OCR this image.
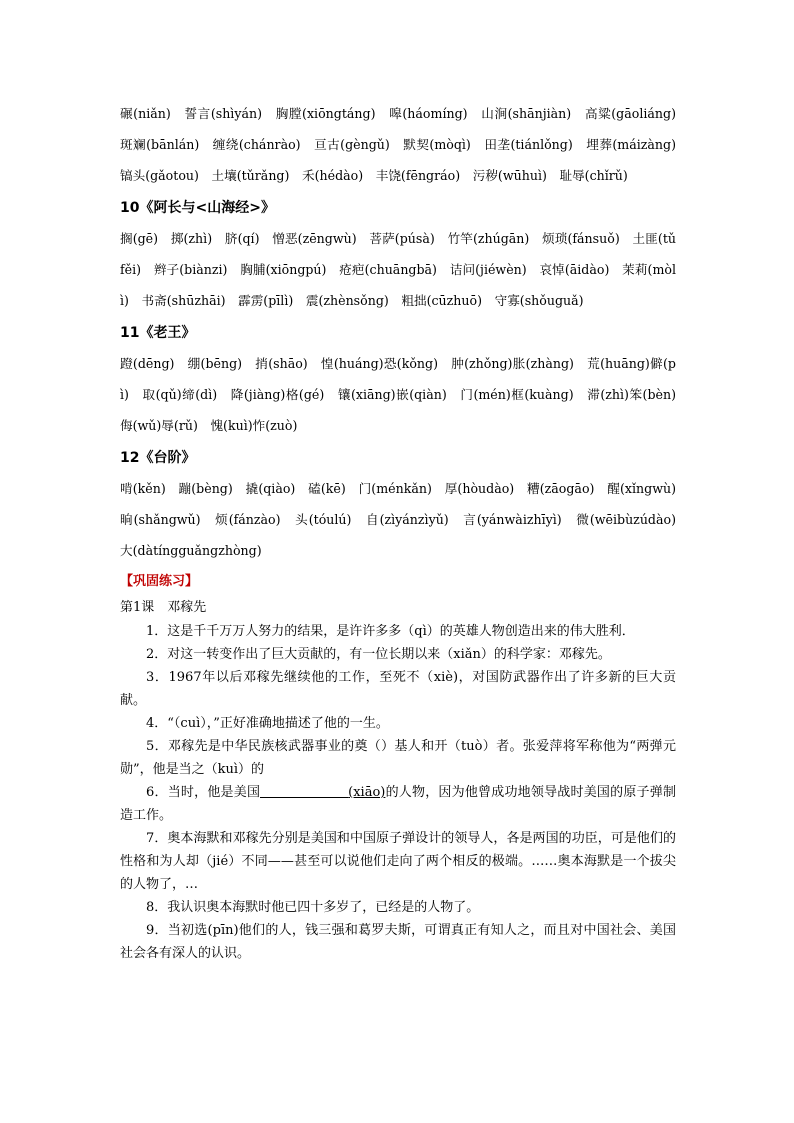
碾(niǎn)　誓言(shìyán)　胸膛(xiōngtáng)　嗥(háomíng)　山涧(shānjiàn)　高粱(gāoliáng)　斑斓(bānlán)　缠绕(chánrào)　亘古(gèngǔ)　默契(mòqì)　田垄(tiánlǒng)　埋葬(máizàng)　镐头(gǎotou)　土壤(tǔrǎng)　禾(hédào)　丰饶(fēngráo)　污秽(wūhuì)　耻辱(chǐrǔ)

10《阿长与<山海经>》

搁(gē)　掷(zhì)　脐(qí)　憎恶(zēngwù)　菩萨(púsà)　竹竿(zhúgān)　烦琐(fánsuǒ)　土匪(tǔfěi)　辫子(biànzi)　胸脯(xiōngpú)　疮疤(chuāngbā)　诘问(jiéwèn)　哀悼(āidào)　茉莉(mòlì)　书斋(shūzhāi)　霹雳(pīlì)　震(zhènsǒng)　粗拙(cūzhuō)　守寡(shǒuguǎ)

11《老王》

蹬(dēng)　绷(bēng)　捎(shāo)　惶(huáng)恐(kǒng)　肿(zhǒng)胀(zhàng)　荒(huāng)僻(pì)　取(qǔ)缔(dì)　降(jiàng)格(gé)　镶(xiāng)嵌(qiàn)　门(mén)框(kuàng)　滞(zhì)笨(bèn)　侮(wǔ)辱(rǔ)　愧(kuì)怍(zuò)

12《台阶》

啃(kěn)　蹦(bèng)　撬(qiào)　磕(kē)　门(ménkǎn)　厚(hòudào)　糟(zāogāo)　醒(xǐngwù)　晌(shǎngwǔ)　烦(fánzào)　头(tóulú)　自(zìyánzìyǔ)　言(yánwàizhīyì)　微(wēibùzúdào)　大(dàtíngguǎngzhòng)

【巩固练习】

第1课　邓稼先

1．这是千千万万人努力的结果，是许许多多（qì）的英雄人物创造出来的伟大胜利．

2．对这一转变作出了巨大贡献的，有一位长期以来（xiǎn）的科学家：邓稼先。

3．1967年以后邓稼先继续他的工作，至死不（xiè)，对国防武器作出了许多新的巨大贡献。

4．“（cuì），”正好准确地描述了他的一生。

5．邓稼先是中华民族核武器事业的奠（）基人和开（tuò）者。张爱萍将军称他为“两弹元勋”，他是当之（kuì）的

6．当时，他是美国	(xiāo)的人物，因为他曾成功地领导战时美国的原子弹制造工作。

7．奥本海默和邓稼先分别是美国和中国原子弹设计的领导人，各是两国的功臣，可是他们的性格和为人却（jié）不同——甚至可以说他们走向了两个相反的极端。……奥本海默是一个拔尖的人物了，…

8．我认识奥本海默时他已四十多岁了，已经是的人物了。

9．当初选(pīn)他们的人，钱三强和葛罗夫斯，可谓真正有知人之，而且对中国社会、美国社会各有深人的认识。
